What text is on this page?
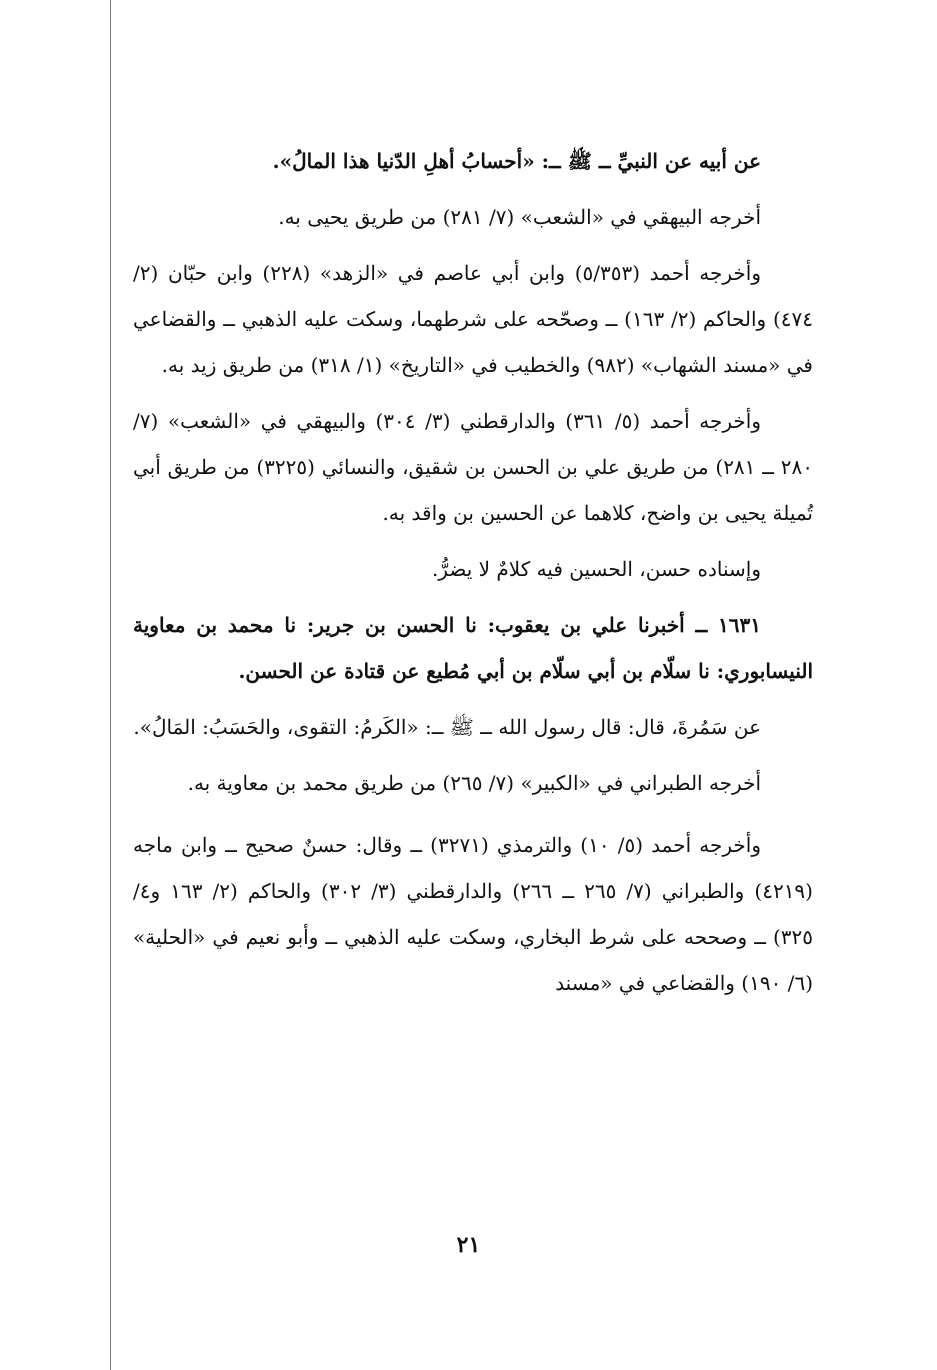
عن أبيه عن النبيِّ ــ ﷺ ــ: «أحسابُ أهلِ الدّنيا هذا المالُ».

أخرجه البيهقي في «الشعب» (٧/ ٢٨١) من طريق يحيى به.

وأخرجه أحمد (٥/٣٥٣) وابن أبي عاصم في «الزهد» (٢٢٨) وابن حبّان (٢/ ٤٧٤) والحاكم (٢/ ١٦٣) ــ وصحّحه على شرطهما، وسكت عليه الذهبي ــ والقضاعي في «مسند الشهاب» (٩٨٢) والخطيب في «التاريخ» (١/ ٣١٨) من طريق زيد به.

وأخرجه أحمد (٥/ ٣٦١) والدارقطني (٣/ ٣٠٤) والبيهقي في «الشعب» (٧/ ٢٨٠ ــ ٢٨١) من طريق علي بن الحسن بن شقيق، والنسائي (٣٢٢٥) من طريق أبي تُميلة يحيى بن واضح، كلاهما عن الحسين بن واقد به.

وإسناده حسن، الحسين فيه كلامٌ لا يضرُّ.

١٦٣١ ــ أخبرنا علي بن يعقوب: نا الحسن بن جرير: نا محمد بن معاوية النيسابوري: نا سلّام بن أبي سلّام بن أبي مُطيع عن قتادة عن الحسن.

عن سَمُرةَ، قال: قال رسول الله ــ ﷺ ــ: «الكَرمُ: التقوى، والحَسَبُ: المَالُ».

أخرجه الطبراني في «الكبير» (٧/ ٢٦٥) من طريق محمد بن معاوية به.

وأخرجه أحمد (٥/ ١٠) والترمذي (٣٢٧١) ــ وقال: حسنٌ صحيح ــ وابن ماجه (٤٢١٩) والطبراني (٧/ ٢٦٥ ــ ٢٦٦) والدارقطني (٣/ ٣٠٢) والحاكم (٢/ ١٦٣ و٤/ ٣٢٥) ــ وصححه على شرط البخاري، وسكت عليه الذهبي ــ وأبو نعيم في «الحلية» (٦/ ١٩٠) والقضاعي في «مسند

٢١
